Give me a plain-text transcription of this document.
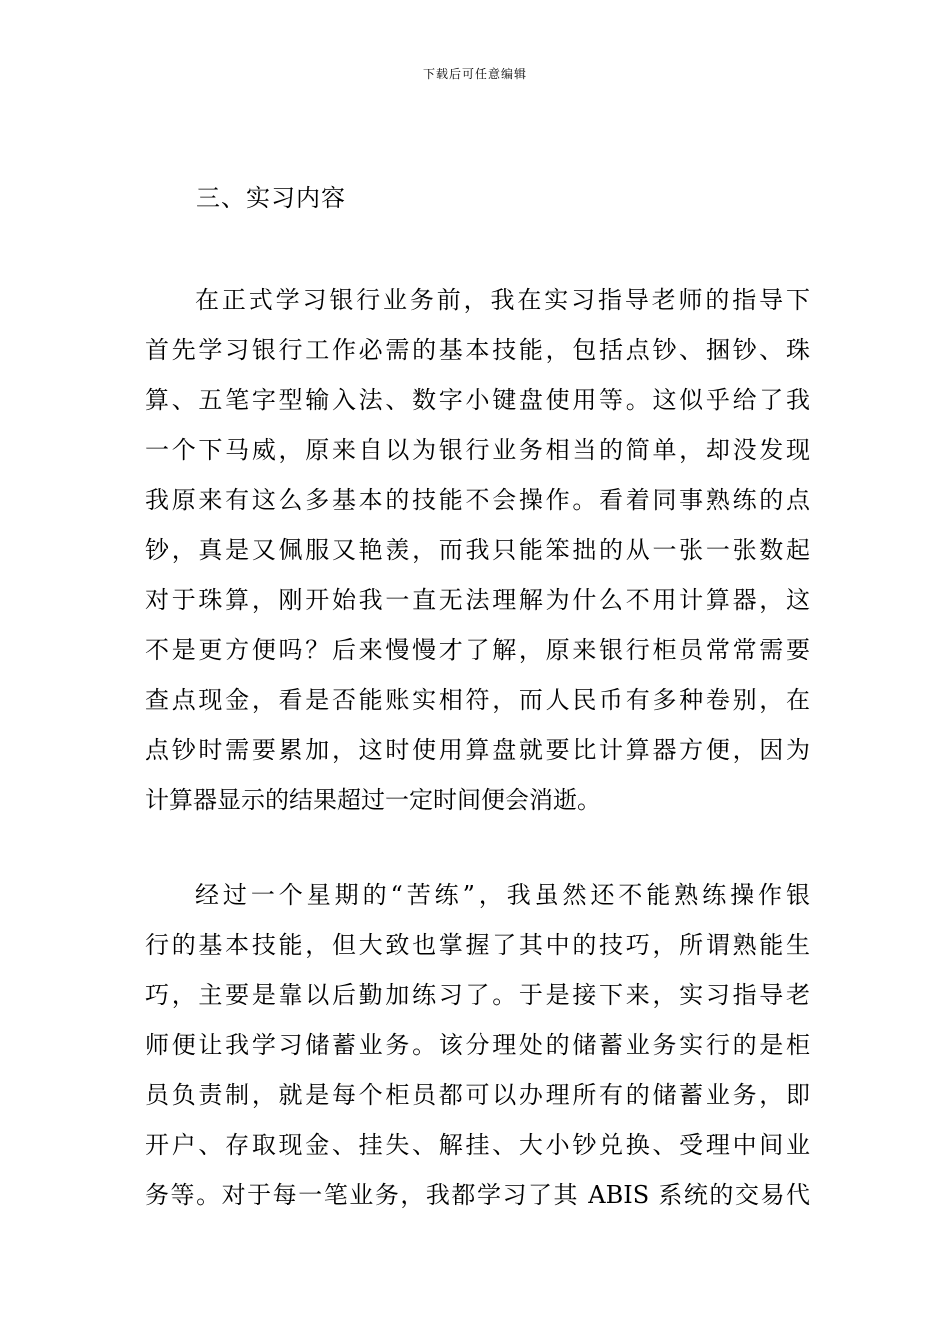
下载后可任意编辑
三、实习内容
在正式学习银行业务前，我在实习指导老师的指导下
首先学习银行工作必需的基本技能，包括点钞、捆钞、珠
算、五笔字型输入法、数字小键盘使用等。这似乎给了我
一个下马威，原来自以为银行业务相当的简单，却没发现
我原来有这么多基本的技能不会操作。看着同事熟练的点
钞，真是又佩服又艳羡，而我只能笨拙的从一张一张数起
对于珠算，刚开始我一直无法理解为什么不用计算器，这
不是更方便吗？后来慢慢才了解，原来银行柜员常常需要
查点现金，看是否能账实相符，而人民币有多种卷别，在
点钞时需要累加，这时使用算盘就要比计算器方便，因为
计算器显示的结果超过一定时间便会消逝。
经过一个星期的“苦练”，我虽然还不能熟练操作银
行的基本技能，但大致也掌握了其中的技巧，所谓熟能生
巧，主要是靠以后勤加练习了。于是接下来，实习指导老
师便让我学习储蓄业务。该分理处的储蓄业务实行的是柜
员负责制，就是每个柜员都可以办理所有的储蓄业务，即
开户、存取现金、挂失、解挂、大小钞兑换、受理中间业
务等。对于每一笔业务，我都学习了其 ABIS 系统的交易代
